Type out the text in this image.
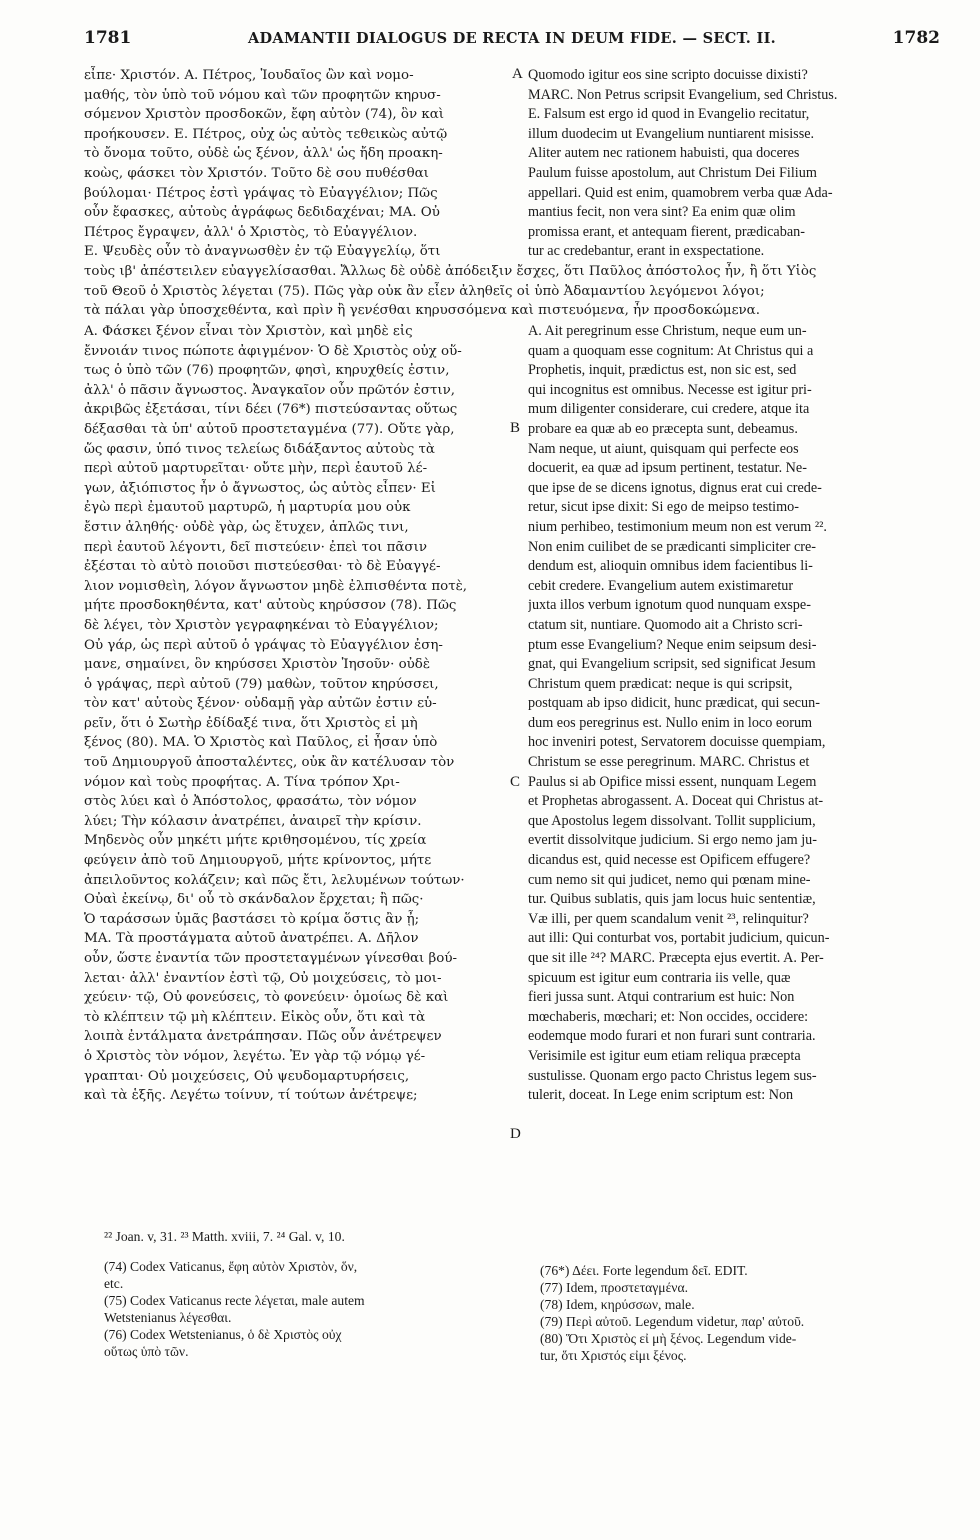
1781	ADAMANTII DIALOGUS DE RECTA IN DEUM FIDE. — SECT. II.	1782
εἶπε· Χριστόν. Α. Πέτρος, Ἰουδαῖος ὢν καὶ νομο-
μαθής, τὸν ὑπὸ τοῦ νόμου καὶ τῶν προφητῶν κηρυσ-
σόμενον Χριστὸν προσδοκῶν, ἔφη αὐτὸν (74), ὃν καὶ
προήκουσεν. Ε. Πέτρος, οὐχ ὡς αὐτὸς τεθεικὼς αὐτῷ
τὸ ὄνομα τοῦτο, οὐδὲ ὡς ξένον, ἀλλ' ὡς ἤδη προακη-
κοὼς, φάσκει τὸν Χριστόν. Τοῦτο δὲ σου πυθέσθαι
βούλομαι· Πέτρος ἐστὶ γράψας τὸ Εὐαγγέλιον; Πῶς
οὖν ἔφασκες, αὐτοὺς ἀγράφως δεδιδαχέναι; ΜΑ. Οὐ
Πέτρος ἔγραψεν, ἀλλ' ὁ Χριστὸς, τὸ Εὐαγγέλιον.
Ε. Ψευδὲς οὖν τὸ ἀναγνωσθὲν ἐν τῷ Εὐαγγελίῳ, ὅτι
Quomodo igitur eos sine scripto docuisse dixisti?
MARC. Non Petrus scripsit Evangelium, sed Christus.
E. Falsum est ergo id quod in Evangelio recitatur,
illum duodecim ut Evangelium nuntiarent misisse.
Aliter autem nec rationem habuisti, qua doceres
Paulum fuisse apostolum, aut Christum Dei Filium
appellari. Quid est enim, quamobrem verba quæ Ada-
mantius fecit, non vera sint? Ea enim quæ olim
promissa erant, et antequam fierent, prædicaban-
tur ac credebantur, erant in exspectatione.
τοὺς ιβ' ἀπέστειλεν εὐαγγελίσασθαι. Ἄλλως δὲ οὐδὲ ἀπόδειξιν ἔσχες, ὅτι Παῦλος ἀπόστολος ἦν, ἢ ὅτι Υἱὸς
τοῦ Θεοῦ ὁ Χριστὸς λέγεται (75). Πῶς γὰρ οὐκ ἂν εἶεν ἀληθεῖς οἱ ὑπὸ Ἀδαμαντίου λεγόμενοι λόγοι;
τὰ πάλαι γὰρ ὑποσχεθέντα, καὶ πρὶν ἢ γενέσθαι κηρυσσόμενα καὶ πιστευόμενα, ἦν προσδοκώμενα.
Α. Φάσκει ξένον εἶναι τὸν Χριστὸν, καὶ μηδὲ εἰς
ἔννοιάν τινος πώποτε ἀφιγμένον· Ὁ δὲ Χριστὸς οὐχ οὕ-
τως ὁ ὑπὸ τῶν (76) προφητῶν, φησὶ, κηρυχθείς ἐστιν,
ἀλλ' ὁ πᾶσιν ἄγνωστος. Ἀναγκαῖον οὖν πρῶτόν ἐστιν,
ἀκριβῶς ἐξετάσαι, τίνι δέει (76*) πιστεύσαντας οὕτως
δέξασθαι τὰ ὑπ' αὐτοῦ προστεταγμένα (77). Οὔτε γὰρ,
ὥς φασιν, ὑπό τινος τελείως διδάξαντος αὐτοὺς τὰ
περὶ αὐτοῦ μαρτυρεῖται· οὔτε μὴν, περὶ ἑαυτοῦ λέ-
γων, ἀξιόπιστος ἦν ὁ ἄγνωστος, ὡς αὐτὸς εἶπεν· Εἰ
ἐγὼ περὶ ἐμαυτοῦ μαρτυρῶ, ἡ μαρτυρία μου οὐκ
ἔστιν ἀληθής· οὐδὲ γὰρ, ὡς ἔτυχεν, ἁπλῶς τινι,
περὶ ἑαυτοῦ λέγοντι, δεῖ πιστεύειν· ἐπεὶ τοι πᾶσιν
ἐξέσται τὸ αὐτὸ ποιοῦσι πιστεύεσθαι· τὸ δὲ Εὐαγγέ-
λιον νομισθεὶη, λόγον ἄγνωστον μηδὲ ἐλπισθέντα ποτὲ,
μήτε προσδοκηθέντα, κατ' αὐτοὺς κηρύσσον (78). Πῶς
δὲ λέγει, τὸν Χριστὸν γεγραφηκέναι τὸ Εὐαγγέλιον;
Οὐ γάρ, ὡς περὶ αὐτοῦ ὁ γράψας τὸ Εὐαγγέλιον ἐση-
μανε, σημαίνει, ὃν κηρύσσει Χριστὸν Ἰησοῦν· οὐδὲ
ὁ γράψας, περὶ αὐτοῦ (79) μαθὼν, τοῦτον κηρύσσει,
τὸν κατ' αὐτοὺς ξένον· οὐδαμῇ γὰρ αὐτῶν ἐστιν εὑ-
ρεῖν, ὅτι ὁ Σωτὴρ ἐδίδαξέ τινα, ὅτι Χριστὸς εἰ μὴ
ξένος (80). ΜΑ. Ὁ Χριστὸς καὶ Παῦλος, εἰ ἦσαν ὑπὸ
τοῦ Δημιουργοῦ ἀποσταλέντες, οὐκ ἂν κατέλυσαν τὸν
νόμον καὶ τοὺς προφήτας. Α. Τίνα τρόπον Χρι-
στὸς λύει καὶ ὁ Ἀπόστολος, φρασάτω, τὸν νόμον
λύει; Τὴν κόλασιν ἀνατρέπει, ἀναιρεῖ τὴν κρίσιν.
Μηδενὸς οὖν μηκέτι μήτε κριθησομένου, τίς χρεία
φεύγειν ἀπὸ τοῦ Δημιουργοῦ, μήτε κρίνοντος, μήτε
ἀπειλοῦντος κολάζειν; καὶ πῶς ἔτι, λελυμένων τούτων·
Οὐαὶ ἐκείνῳ, δι' οὗ τὸ σκάνδαλον ἔρχεται; ἢ πῶς·
Ὁ ταράσσων ὑμᾶς βαστάσει τὸ κρίμα ὅστις ἂν ᾖ;
ΜΑ. Τὰ προστάγματα αὐτοῦ ἀνατρέπει. Α. Δῆλον
οὖν, ὥστε ἐναντία τῶν προστεταγμένων γίνεσθαι βού-
λεται· ἀλλ' ἐναντίον ἐστὶ τῷ, Οὐ μοιχεύσεις, τὸ μοι-
χεύειν· τῷ, Οὐ φονεύσεις, τὸ φονεύειν· ὁμοίως δὲ καὶ
τὸ κλέπτειν τῷ μὴ κλέπτειν. Εἰκὸς οὖν, ὅτι καὶ τὰ
λοιπὰ ἐντάλματα ἀνετράπησαν. Πῶς οὖν ἀνέτρεψεν
ὁ Χριστὸς τὸν νόμον, λεγέτω. Ἐν γὰρ τῷ νόμῳ γέ-
γραπται· Οὐ μοιχεύσεις, Οὐ ψευδομαρτυρήσεις,
καὶ τὰ ἑξῆς. Λεγέτω τοίνυν, τί τούτων ἀνέτρεψε;
A. Ait peregrinum esse Christum, neque eum un-
quam a quoquam esse cognitum: At Christus qui a
Prophetis, inquit, prædictus est, non sic est, sed
qui incognitus est omnibus. Necesse est igitur pri-
mum diligenter considerare, cui credere, atque ita
probare ea quæ ab eo præcepta sunt, debeamus.
Nam neque, ut aiunt, quisquam qui perfecte eos
docuerit, ea quæ ad ipsum pertinent, testatur. Ne-
que ipse de se dicens ignotus, dignus erat cui crede-
retur, sicut ipse dixit: Si ego de meipso testimo-
nium perhibeo, testimonium meum non est verum ²².
Non enim cuilibet de se prædicanti simpliciter cre-
dendum est, alioquin omnibus idem facientibus li-
cebit credere. Evangelium autem existimaretur
juxta illos verbum ignotum quod nunquam exspe-
ctatum sit, nuntiare. Quomodo ait a Christo scri-
ptum esse Evangelium? Neque enim seipsum desi-
gnat, qui Evangelium scripsit, sed significat Jesum
Christum quem prædicat: neque is qui scripsit,
postquam ab ipso didicit, hunc prædicat, qui secun-
dum eos peregrinus est. Nullo enim in loco eorum
hoc inveniri potest, Servatorem docuisse quempiam,
Christum se esse peregrinum. MARC. Christus et
Paulus si ab Opifice missi essent, nunquam Legem
et Prophetas abrogassent. A. Doceat qui Christus at-
que Apostolus legem dissolvant. Tollit supplicium,
evertit dissolvitque judicium. Si ergo nemo jam ju-
dicandus est, quid necesse est Opificem effugere?
cum nemo sit qui judicet, nemo qui pœnam mine-
tur. Quibus sublatis, quis jam locus huic sententiæ,
Væ illi, per quem scandalum venit ²³, relinquitur?
aut illi: Qui conturbat vos, portabit judicium, quicun-
que sit ille ²⁴? MARC. Præcepta ejus evertit. A. Per-
spicuum est igitur eum contraria iis velle, quæ
fieri jussa sunt. Atqui contrarium est huic: Non
mœchaberis, mœchari; et: Non occides, occidere:
eodemque modo furari et non furari sunt contraria.
Verisimile est igitur eum etiam reliqua præcepta
sustulisse. Quonam ergo pacto Christus legem sus-
tulerit, doceat. In Lege enim scriptum est: Non
A
B
C
D
²² Joan. v, 31. ²³ Matth. xviii, 7. ²⁴ Gal. v, 10.
(74) Codex Vaticanus, ἔφη αὐτὸν Χριστὸν, ὅν,
etc.
(75) Codex Vaticanus recte λέγεται, male autem
Wetstenianus λέγεσθαι.
(76) Codex Wetstenianus, ὁ δὲ Χριστὸς οὐχ
οὕτως ὑπὸ τῶν.
(76*) Δέει. Forte legendum δεῖ. EDIT.
(77) Idem, προστεταγμένα.
(78) Idem, κηρύσσων, male.
(79) Περὶ αὐτοῦ. Legendum videtur, παρ' αὐτοῦ.
(80) Ὅτι Χριστὸς εἰ μὴ ξένος. Legendum vide-
tur, ὅτι Χριστός εἰμι ξένος.
